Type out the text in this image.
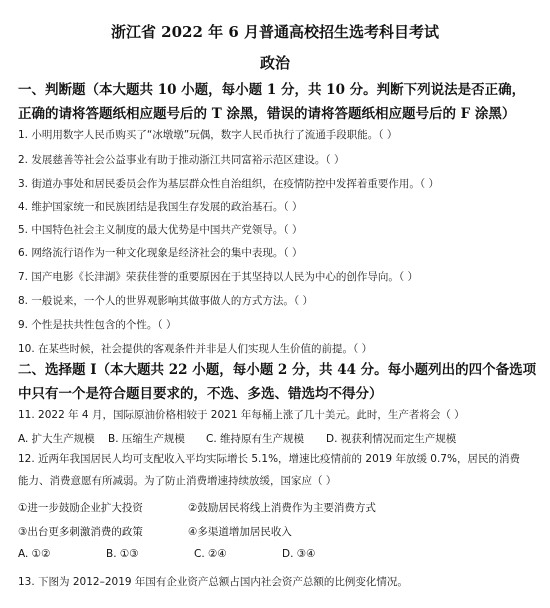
浙江省 2022 年 6 月普通高校招生选考科目考试
政治
一、判断题（本大题共 10 小题，每小题 1 分，共 10 分。判断下列说法是否正确，正确的请将答题纸相应题号后的 T 涂黑，错误的请将答题纸相应题号后的 F 涂黑）
1. 小明用数字人民币购买了“冰墩墩”玩偶，数字人民币执行了流通手段职能。（ ）
2. 发展慈善等社会公益事业有助于推动浙江共同富裕示范区建设。（ ）
3. 街道办事处和居民委员会作为基层群众性自治组织，在疫情防控中发挥着重要作用。（ ）
4. 维护国家统一和民族团结是我国生存发展的政治基石。（ ）
5. 中国特色社会主义制度的最大优势是中国共产党领导。（ ）
6. 网络流行语作为一种文化现象是经济社会的集中表现。（ ）
7. 国产电影《长津湖》荣获佳誉的重要原因在于其坚持以人民为中心的创作导向。（ ）
8. 一般说来，一个人的世界观影响其做事做人的方式方法。（ ）
9. 个性是扶共性包含的个性。（ ）
10. 在某些时候，社会提供的客观条件并非是人们实现人生价值的前提。（ ）
二、选择题 I（本大题共 22 小题，每小题 2 分，共 44 分。每小题列出的四个备选项中只有一个是符合题目要求的，不选、多选、错选均不得分）
11. 2022 年 4 月，国际原油价格相较于 2021 年每桶上涨了几十美元。此时，生产者将会（ ）
A. 扩大生产规模	B. 压缩生产规模	C. 维持原有生产规模	D. 视获利情况而定生产规模
12. 近两年我国居民人均可支配收入平均实际增长 5.1%，增速比疫情前的 2019 年放缓 0.7%，居民的消费能力、消费意愿有所减弱。为了防止消费增速持续放缓，国家应（ ）
①进一步鼓励企业扩大投资	②鼓励居民将线上消费作为主要消费方式
③出台更多刺激消费的政策	④多渠道增加居民收入
A. ①②	B. ①③	C. ②④	D. ③④
13. 下图为 2012–2019 年国有企业资产总额占国内社会资产总额的比例变化情况。
